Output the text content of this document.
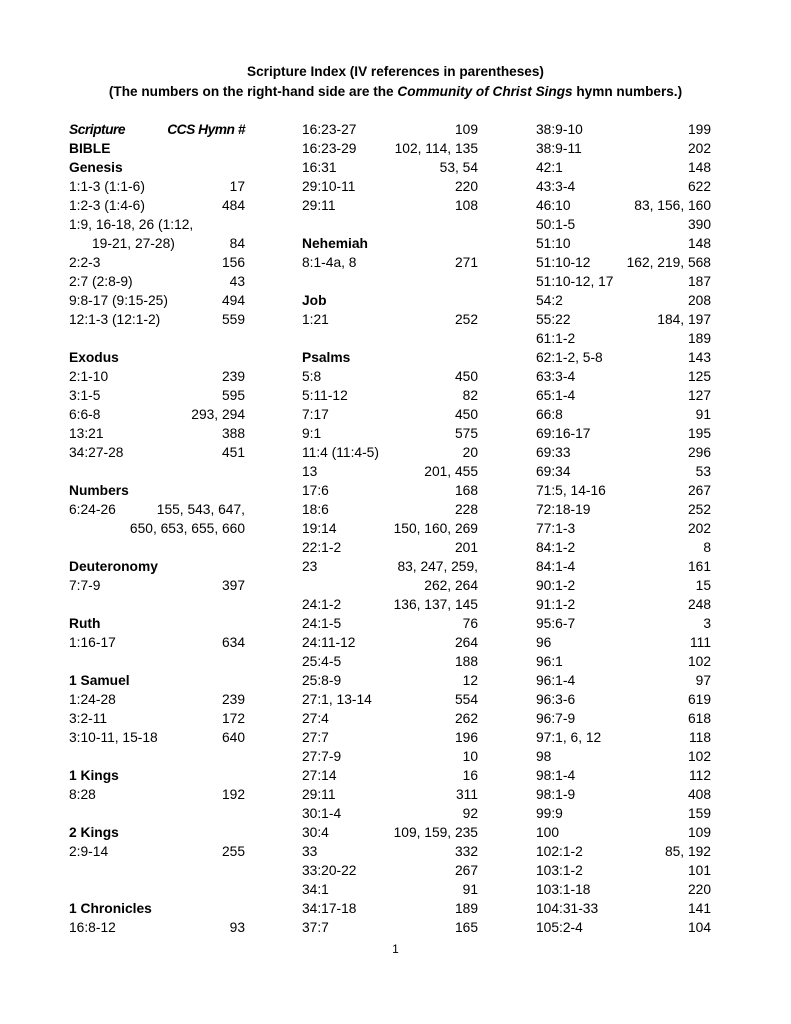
Scripture Index (IV references in parentheses)
(The numbers on the right-hand side are the Community of Christ Sings hymn numbers.)
Scripture	CCS Hymn #
BIBLE
Genesis
1:1-3 (1:1-6)	17
1:2-3 (1:4-6)	484
1:9, 16-18, 26 (1:12,
19-21, 27-28)	84
2:2-3	156
2:7 (2:8-9)	43
9:8-17 (9:15-25)	494
12:1-3 (12:1-2)	559
Exodus
2:1-10	239
3:1-5	595
6:6-8	293, 294
13:21	388
34:27-28	451
Numbers
6:24-26	155, 543, 647,
650, 653, 655, 660
Deuteronomy
7:7-9	397
Ruth
1:16-17	634
1 Samuel
1:24-28	239
3:2-11	172
3:10-11, 15-18	640
1 Kings
8:28	192
2 Kings
2:9-14	255
1 Chronicles
16:8-12	93
16:23-27	109
16:23-29	102, 114, 135
16:31	53, 54
29:10-11	220
29:11	108
Nehemiah
8:1-4a, 8	271
Job
1:21	252
Psalms
5:8	450
5:11-12	82
7:17	450
9:1	575
11:4 (11:4-5)	20
13	201, 455
17:6	168
18:6	228
19:14	150, 160, 269
22:1-2	201
23	83, 247, 259,
262, 264
24:1-2	136, 137, 145
24:1-5	76
24:11-12	264
25:4-5	188
25:8-9	12
27:1, 13-14	554
27:4	262
27:7	196
27:7-9	10
27:14	16
29:11	311
30:1-4	92
30:4	109, 159, 235
33	332
33:20-22	267
34:1	91
34:17-18	189
37:7	165
38:9-10	199
38:9-11	202
42:1	148
43:3-4	622
46:10	83, 156, 160
50:1-5	390
51:10	148
51:10-12	162, 219, 568
51:10-12, 17	187
54:2	208
55:22	184, 197
61:1-2	189
62:1-2, 5-8	143
63:3-4	125
65:1-4	127
66:8	91
69:16-17	195
69:33	296
69:34	53
71:5, 14-16	267
72:18-19	252
77:1-3	202
84:1-2	8
84:1-4	161
90:1-2	15
91:1-2	248
95:6-7	3
96	111
96:1	102
96:1-4	97
96:3-6	619
96:7-9	618
97:1, 6, 12	118
98	102
98:1-4	112
98:1-9	408
99:9	159
100	109
102:1-2	85, 192
103:1-2	101
103:1-18	220
104:31-33	141
105:2-4	104
1
